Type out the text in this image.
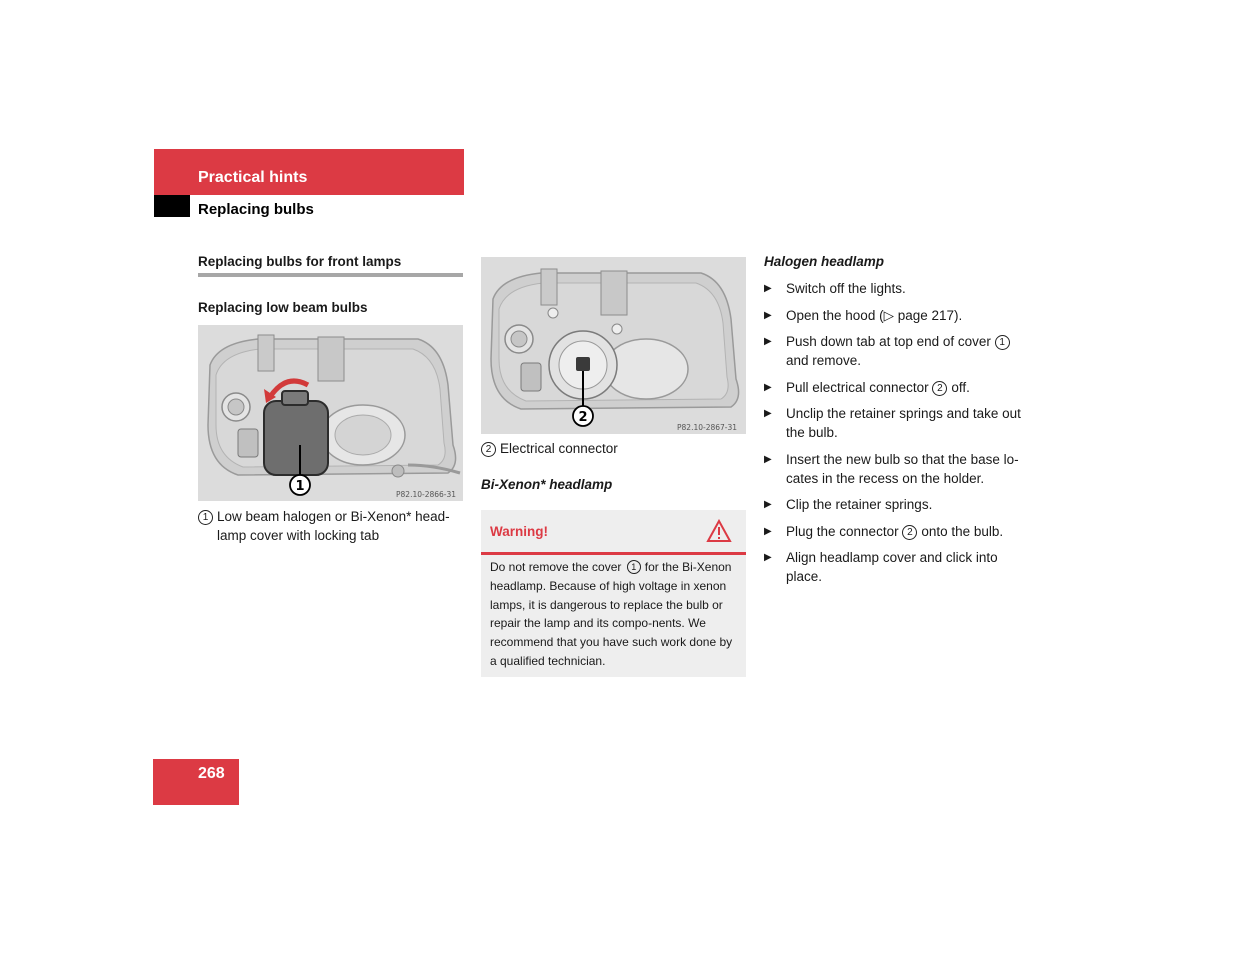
Practical hints
Replacing bulbs
Replacing bulbs for front lamps
Replacing low beam bulbs
1
P82.10-2866-31
1 Low beam halogen or Bi-Xenon* head-lamp cover with locking tab
2
P82.10-2867-31
2 Electrical connector
Bi-Xenon* headlamp
Warning!
Do not remove the cover 1 for the Bi-Xenon headlamp. Because of high voltage in xenon lamps, it is dangerous to replace the bulb or repair the lamp and its compo-nents. We recommend that you have such work done by a qualified technician.
Halogen headlamp
▶ Switch off the lights.
▶ Open the hood (▷ page 217).
▶ Push down tab at top end of cover 1and remove.
▶ Pull electrical connector 2 off.
▶ Unclip the retainer springs and take out the bulb.
▶ Insert the new bulb so that the base lo-cates in the recess on the holder.
▶ Clip the retainer springs.
▶ Plug the connector 2 onto the bulb.
▶ Align headlamp cover and click into place.
268
